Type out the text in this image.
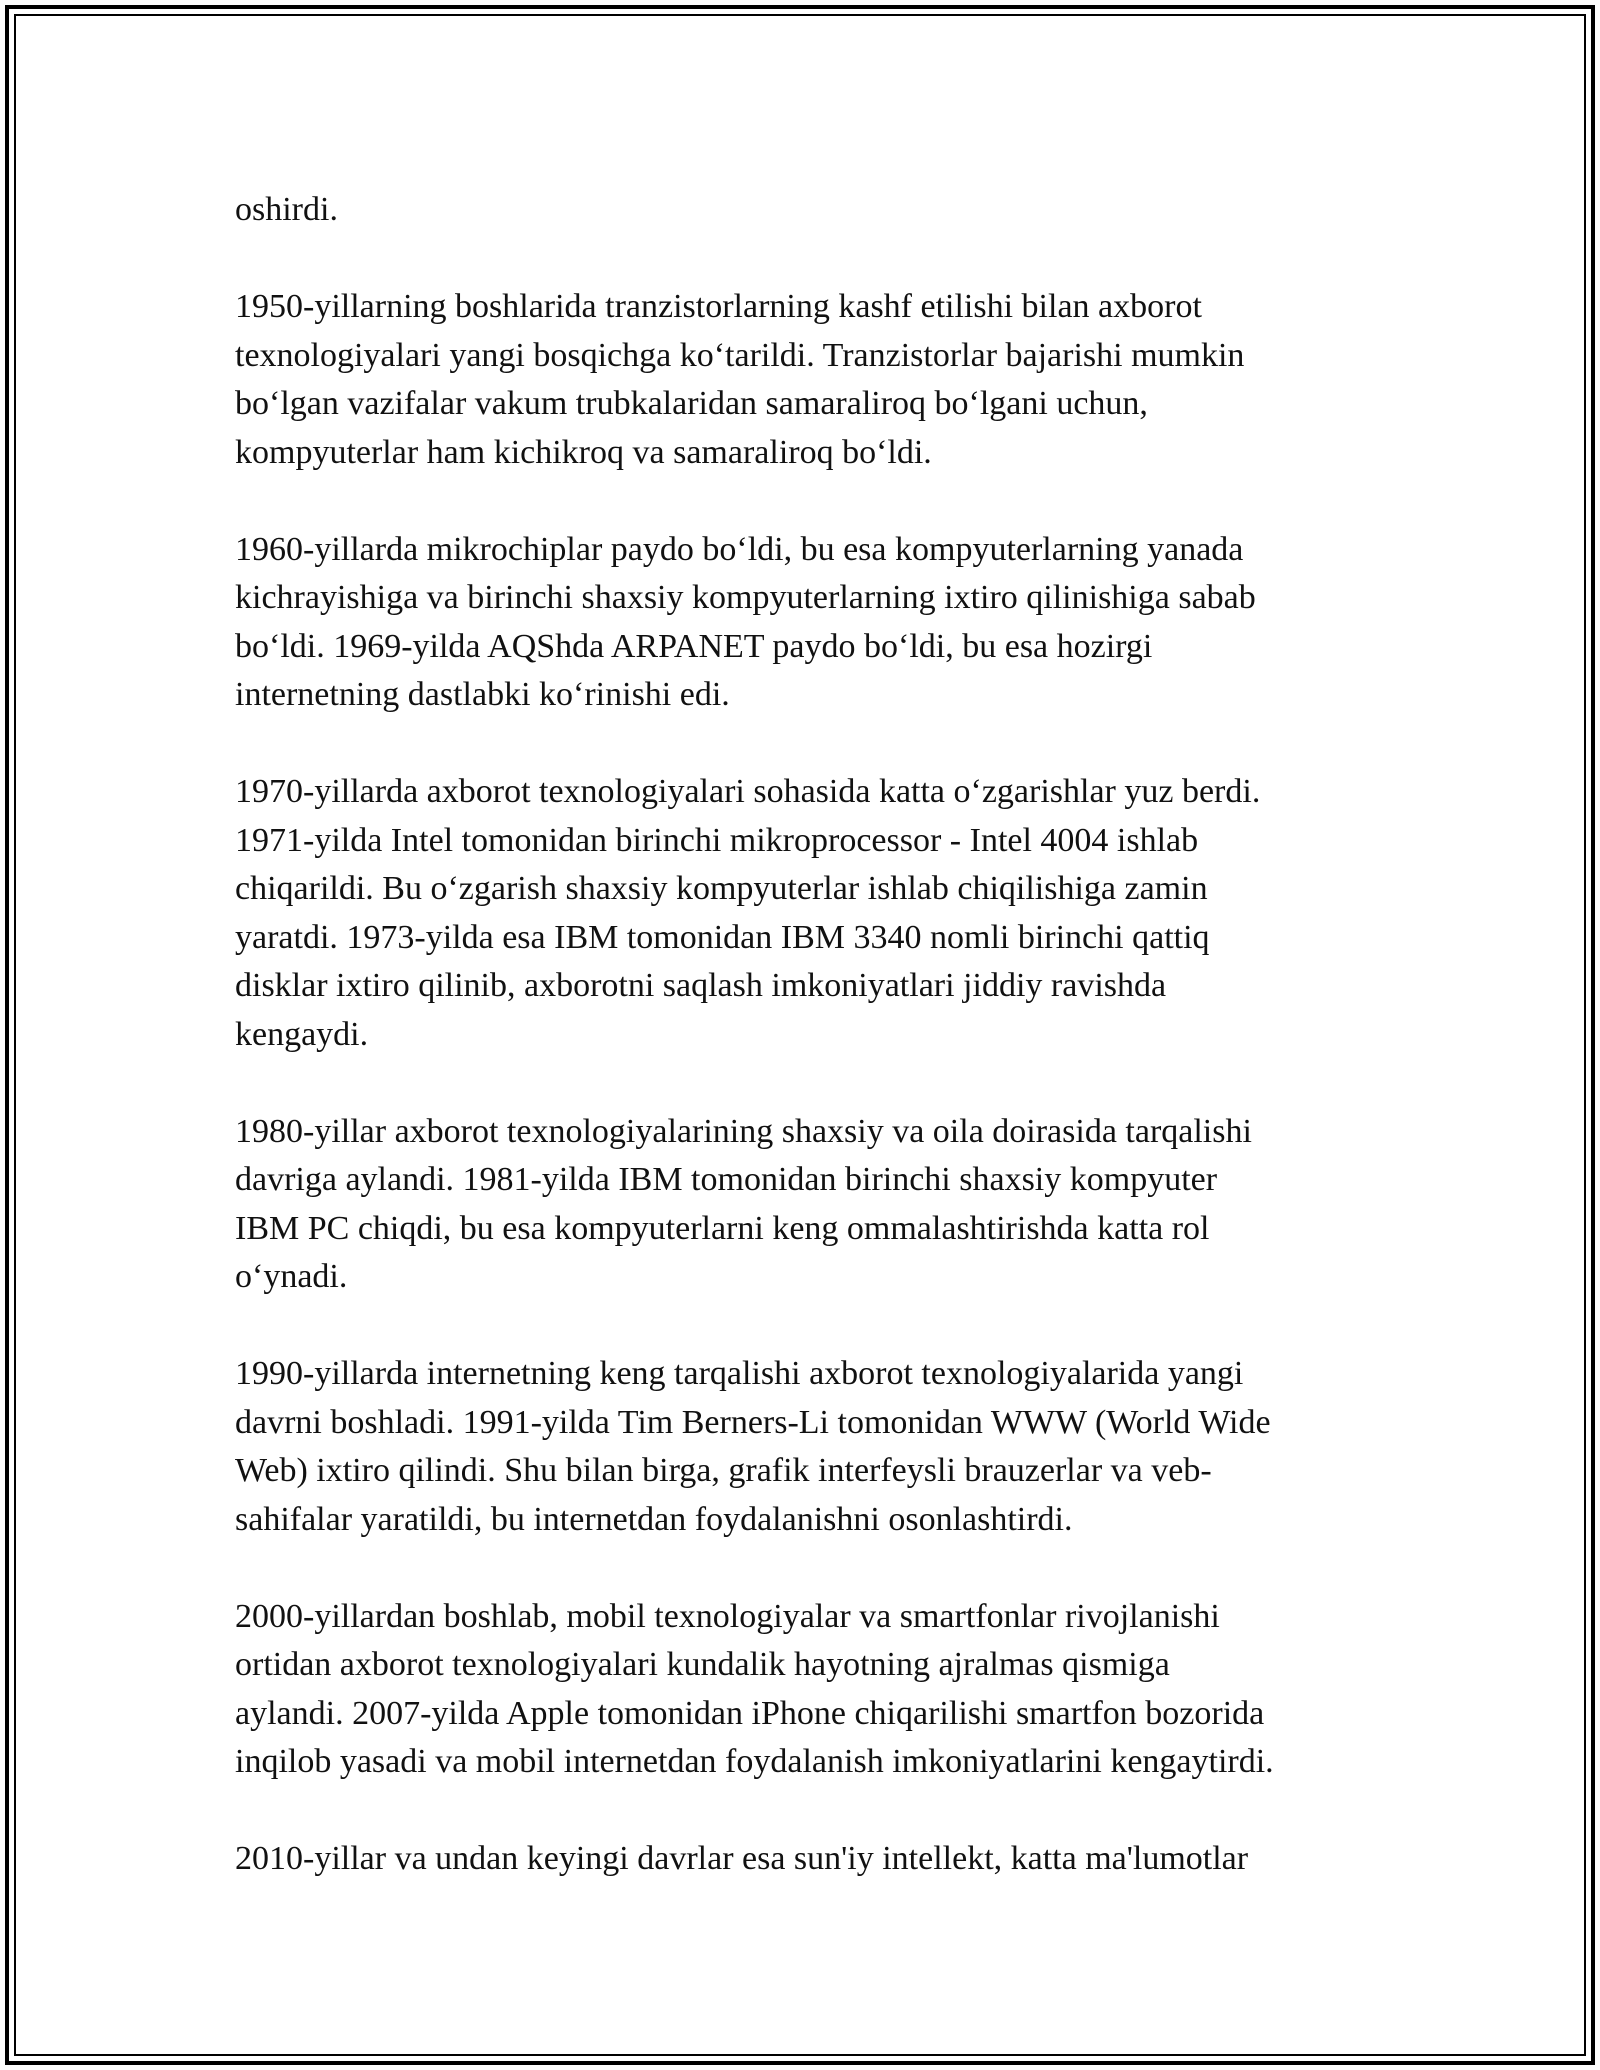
oshirdi.

1950-yillarning boshlarida tranzistorlarning kashf etilishi bilan axborot
texnologiyalari yangi bosqichga ko‘tarildi. Tranzistorlar bajarishi mumkin
bo‘lgan vazifalar vakum trubkalaridan samaraliroq bo‘lgani uchun,
kompyuterlar ham kichikroq va samaraliroq bo‘ldi.

1960-yillarda mikrochiplar paydo bo‘ldi, bu esa kompyuterlarning yanada
kichrayishiga va birinchi shaxsiy kompyuterlarning ixtiro qilinishiga sabab
bo‘ldi. 1969-yilda AQShda ARPANET paydo bo‘ldi, bu esa hozirgi
internetning dastlabki ko‘rinishi edi.

1970-yillarda axborot texnologiyalari sohasida katta o‘zgarishlar yuz berdi.
1971-yilda Intel tomonidan birinchi mikroprocessor - Intel 4004 ishlab
chiqarildi. Bu o‘zgarish shaxsiy kompyuterlar ishlab chiqilishiga zamin
yaratdi. 1973-yilda esa IBM tomonidan IBM 3340 nomli birinchi qattiq
disklar ixtiro qilinib, axborotni saqlash imkoniyatlari jiddiy ravishda
kengaydi.

1980-yillar axborot texnologiyalarining shaxsiy va oila doirasida tarqalishi
davriga aylandi. 1981-yilda IBM tomonidan birinchi shaxsiy kompyuter
IBM PC chiqdi, bu esa kompyuterlarni keng ommalashtirishda katta rol
o‘ynadi.

1990-yillarda internetning keng tarqalishi axborot texnologiyalarida yangi
davrni boshladi. 1991-yilda Tim Berners-Li tomonidan WWW (World Wide
Web) ixtiro qilindi. Shu bilan birga, grafik interfeysli brauzerlar va veb-
sahifalar yaratildi, bu internetdan foydalanishni osonlashtirdi.

2000-yillardan boshlab, mobil texnologiyalar va smartfonlar rivojlanishi
ortidan axborot texnologiyalari kundalik hayotning ajralmas qismiga
aylandi. 2007-yilda Apple tomonidan iPhone chiqarilishi smartfon bozorida
inqilob yasadi va mobil internetdan foydalanish imkoniyatlarini kengaytirdi.

2010-yillar va undan keyingi davrlar esa sun'iy intellekt, katta ma'lumotlar
